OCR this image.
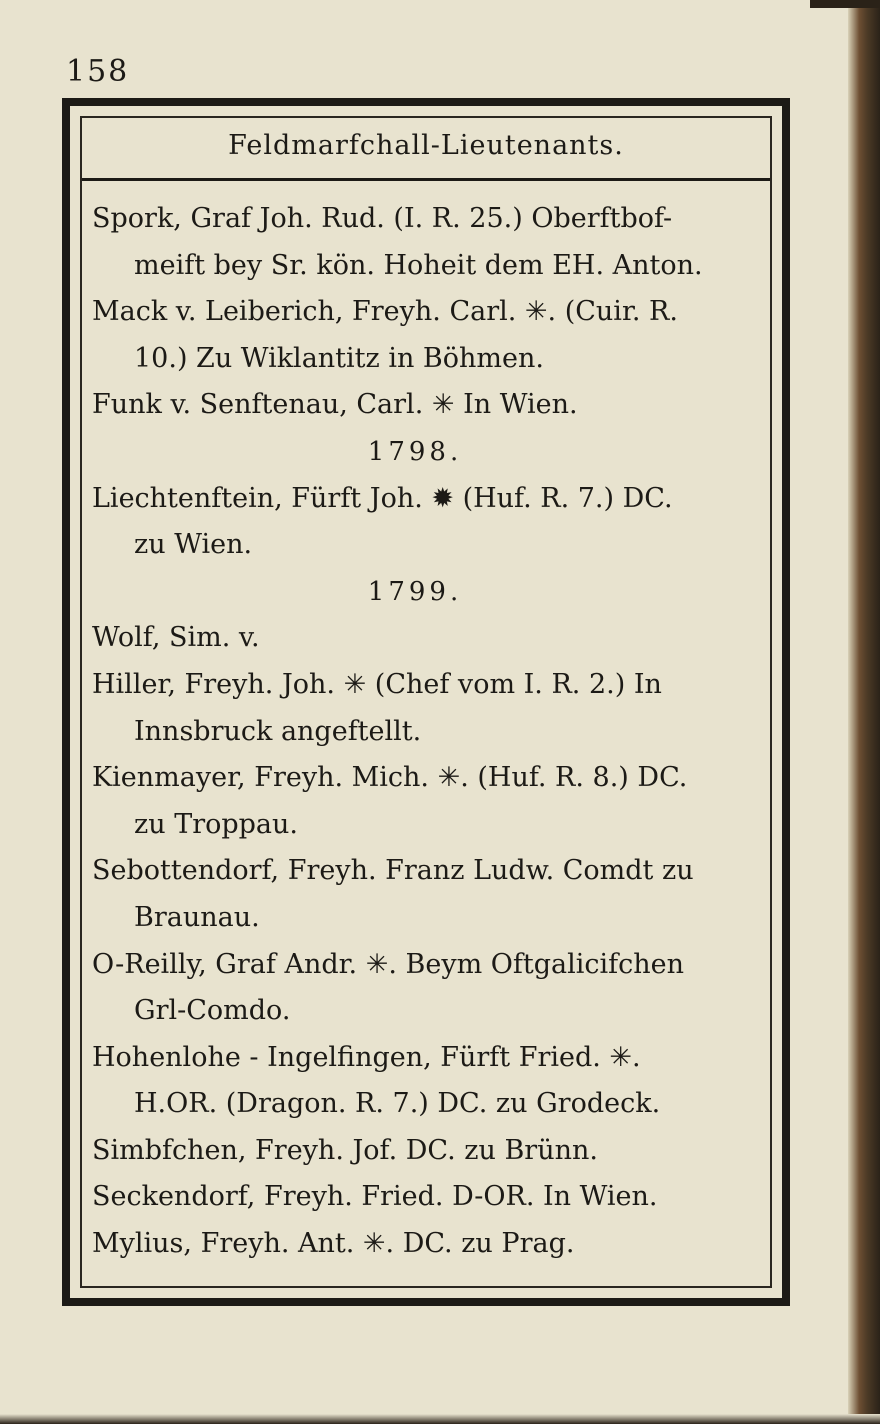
158
Feldmarfchall-Lieutenants.
Spork, Graf Joh. Rud. (I. R. 25.) Oberftbof-
meift bey Sr. kön. Hoheit dem EH. Anton.
Mack v. Leiberich, Freyh. Carl. ✳. (Cuir. R.
10.) Zu Wiklantitz in Böhmen.
Funk v. Senftenau, Carl. ✳ In Wien.
1798.
Liechtenftein, Fürft Joh. ✹ (Huf. R. 7.) DC.
zu Wien.
1799.
Wolf, Sim. v.
Hiller, Freyh. Joh. ✳ (Chef vom I. R. 2.) In
Innsbruck angeftellt.
Kienmayer, Freyh. Mich. ✳. (Huf. R. 8.) DC.
zu Troppau.
Sebottendorf, Freyh. Franz Ludw. Comdt zu
Braunau.
O-Reilly, Graf Andr. ✳. Beym Oftgalicifchen
Grl-Comdo.
Hohenlohe - Ingelfingen, Fürft Fried. ✳.
H.OR. (Dragon. R. 7.) DC. zu Grodeck.
Simbfchen, Freyh. Jof. DC. zu Brünn.
Seckendorf, Freyh. Fried. D-OR. In Wien.
Mylius, Freyh. Ant. ✳. DC. zu Prag.
